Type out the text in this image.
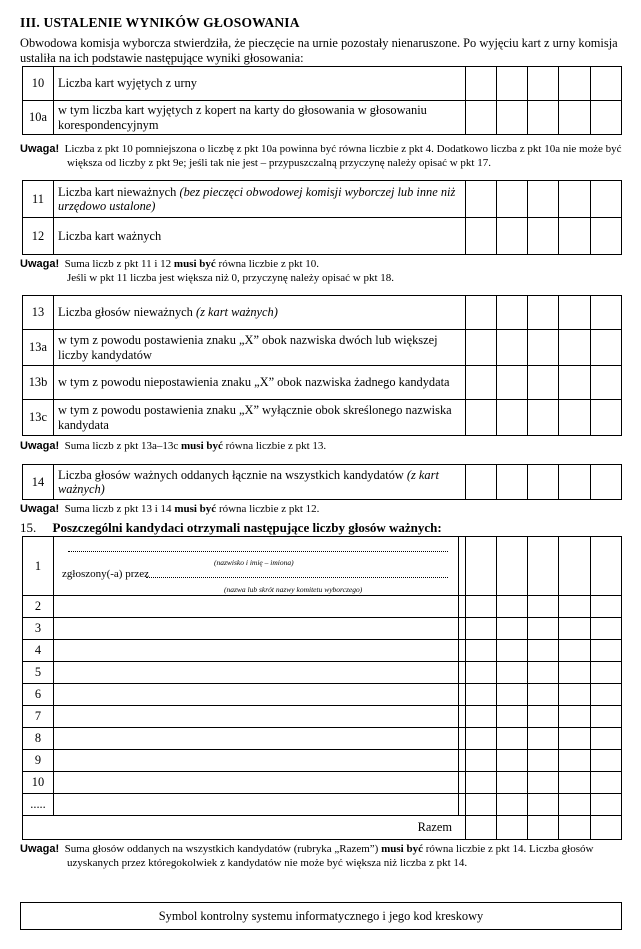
III. USTALENIE WYNIKÓW GŁOSOWANIA
Obwodowa komisja wyborcza stwierdziła, że pieczęcie na urnie pozostały nienaruszone. Po wyjęciu kart z urny komisja ustaliła na ich podstawie następujące wyniki głosowania:
10	Liczba kart wyjętych z urny					
10a	w tym liczba kart wyjętych z kopert na karty do głosowania w głosowaniu korespondencyjnym					
Uwaga! Liczba z pkt 10 pomniejszona o liczbę z pkt 10a powinna być równa liczbie z pkt 4. Dodatkowo liczba z pkt 10a nie może być większa od liczby z pkt 9e; jeśli tak nie jest – przypuszczalną przyczynę należy opisać w pkt 17.
11	Liczba kart nieważnych (bez pieczęci obwodowej komisji wyborczej lub inne niż urzędowo ustalone)					
12	Liczba kart ważnych					
Uwaga! Suma liczb z pkt 11 i 12 musi być równa liczbie z pkt 10.
Jeśli w pkt 11 liczba jest większa niż 0, przyczynę należy opisać w pkt 18.
13	Liczba głosów nieważnych (z kart ważnych)					
13a	w tym z powodu postawienia znaku „X” obok nazwiska dwóch lub większej liczby kandydatów					
13b	w tym z powodu niepostawienia znaku „X” obok nazwiska żadnego kandydata					
13c	w tym z powodu postawienia znaku „X” wyłącznie obok skreślonego nazwiska kandydata					
Uwaga! Suma liczb z pkt 13a–13c musi być równa liczbie z pkt 13.
14	Liczba głosów ważnych oddanych łącznie na wszystkich kandydatów (z kart ważnych)					
Uwaga! Suma liczb z pkt 13 i 14 musi być równa liczbie z pkt 12.
15. Poszczególni kandydaci otrzymali następujące liczby głosów ważnych:
1	(nazwisko i imię – imiona)
zgłoszony(-a) przez
(nazwa lub skrót nazwy komitetu wyborczego)						

2							
3							
4							
5							
6							
7							
8							
9							
10							
.....							
Razem							
Uwaga! Suma głosów oddanych na wszystkich kandydatów (rubryka „Razem”) musi być równa liczbie z pkt 14. Liczba głosów uzyskanych przez któregokolwiek z kandydatów nie może być większa niż liczba z pkt 14.
Symbol kontrolny systemu informatycznego i jego kod kreskowy
